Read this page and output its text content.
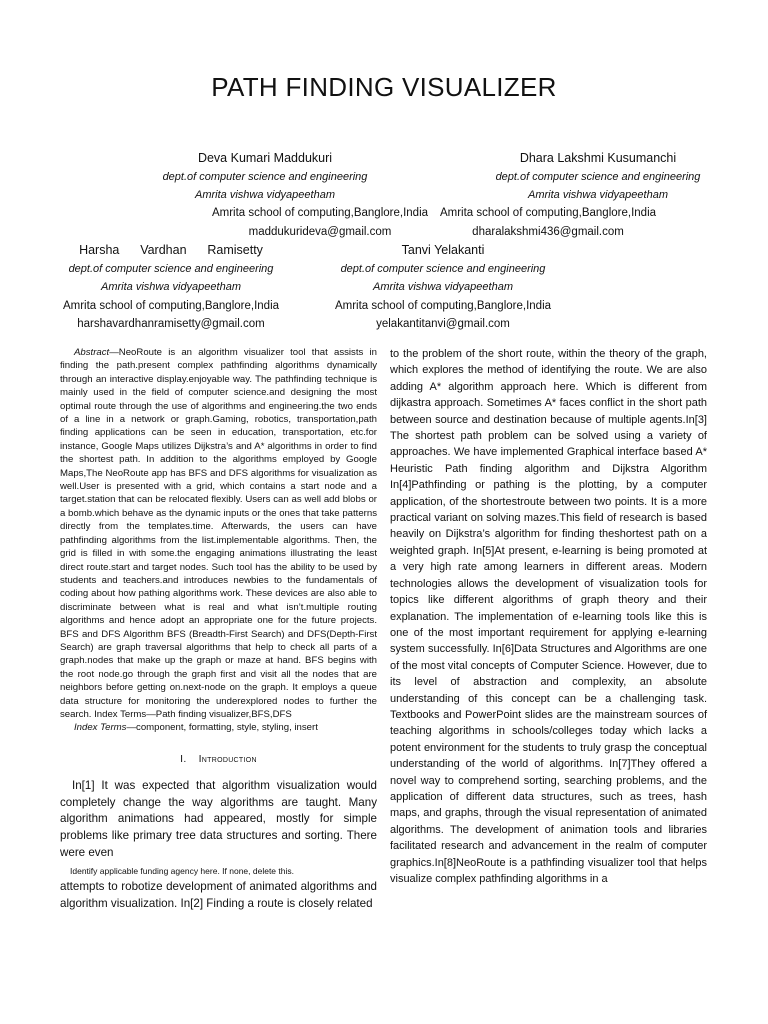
PATH FINDING VISUALIZER
Deva Kumari Maddukuri
dept.of computer science and engineering
Amrita vishwa vidyapeetham
Amrita school of computing,Banglore,India
maddukurideva@gmail.com
Dhara Lakshmi Kusumanchi
dept.of computer science and engineering
Amrita vishwa vidyapeetham
Amrita school of computing,Banglore,India
dharalakshmi436@gmail.com
Harsha      Vardhan      Ramisetty
dept.of computer science and engineering
Amrita vishwa vidyapeetham
Amrita school of computing,Banglore,India
harshavardhanramisetty@gmail.com
Tanvi Yelakanti
dept.of computer science and engineering
Amrita vishwa vidyapeetham
Amrita school of computing,Banglore,India
yelakantitanvi@gmail.com

Abstract—NeoRoute is an algorithm visualizer tool that assists in finding the path.present complex pathfinding algorithms dynamically through an interactive display.enjoyable way. The pathfinding technique is mainly used in the field of computer science.and designing the most optimal route through the use of algorithms and engineering.the two ends of a line in a network or graph.Gaming, robotics, transportation,path finding applications can be seen in education, transportation, etc.for instance, Google Maps utilizes Dijkstra’s and A* algorithms in order to find the shortest path. In addition to the algorithms employed by Google Maps,The NeoRoute app has BFS and DFS algorithms for visualization as well.User is presented with a grid, which contains a start node and a target.station that can be relocated flexibly. Users can as well add blobs or a bomb.which behave as the dynamic inputs or the ones that take patterns directly from the templates.time. Afterwards, the users can have pathfinding algorithms from the list.implementable algorithms. Then, the grid is filled in with some.the engaging animations illustrating the least direct route.start and target nodes. Such tool has the ability to be used by students and teachers.and introduces newbies to the fundamentals of coding about how pathing algorithms work. These devices are also able to discriminate between what is real and what isn’t.multiple routing algorithms and hence adopt an appropriate one for the future projects. BFS and DFS Algorithm BFS (Breadth-First Search) and DFS(Depth-First Search) are graph traversal algorithms that help to check all parts of a graph.nodes that make up the graph or maze at hand. BFS begins with the root node.go through the graph first and visit all the nodes that are neighbors before getting on.next-node on the graph. It employs a queue data structure for monitoring the underexplored nodes to further the search. Index Terms—Path finding visualizer,BFS,DFS

Index Terms—component, formatting, style, styling, insert

I. Introduction

In[1] It was expected that algorithm visualization would completely change the way algorithms are taught. Many algorithm animations had appeared, mostly for simple problems like primary tree data structures and sorting. There were even

Identify applicable funding agency here. If none, delete this.

attempts to robotize development of animated algorithms and algorithm visualization. In[2] Finding a route is closely related

to the problem of the short route, within the theory of the graph, which explores the method of identifying the route. We are also adding A* algorithm approach here. Which is different from dijkastra approach. Sometimes A* faces conflict in the short path between source and destination because of multiple agents.In[3] The shortest path problem can be solved using a variety of approaches. We have implemented Graphical interface based A* Heuristic Path finding algorithm and Dijkstra Algorithm In[4]Pathfinding or pathing is the plotting, by a computer application, of the shortestroute between two points. It is a more practical variant on solving mazes.This field of research is based heavily on Dijkstra’s algorithm for finding theshortest path on a weighted graph. In[5]At present, e-learning is being promoted at a very high rate among learners in different areas. Modern technologies allows the development of visualization tools for topics like different algorithms of graph theory and their explanation. The implementation of e-learning tools like this is one of the most important requirement for applying e-learning system successfully. In[6]Data Structures and Algorithms are one of the most vital concepts of Computer Science. However, due to its level of abstraction and complexity, an absolute understanding of this concept can be a challenging task. Textbooks and PowerPoint slides are the mainstream sources of teaching algorithms in schools/colleges today which lacks a potent environment for the students to truly grasp the conceptual understanding of the world of algorithms. In[7]They offered a novel way to comprehend sorting, searching problems, and the application of different data structures, such as trees, hash maps, and graphs, through the visual representation of animated algorithms. The development of animation tools and libraries facilitated research and advancement in the realm of computer graphics.In[8]NeoRoute is a pathfinding visualizer tool that helps visualize complex pathfinding algorithms in a
